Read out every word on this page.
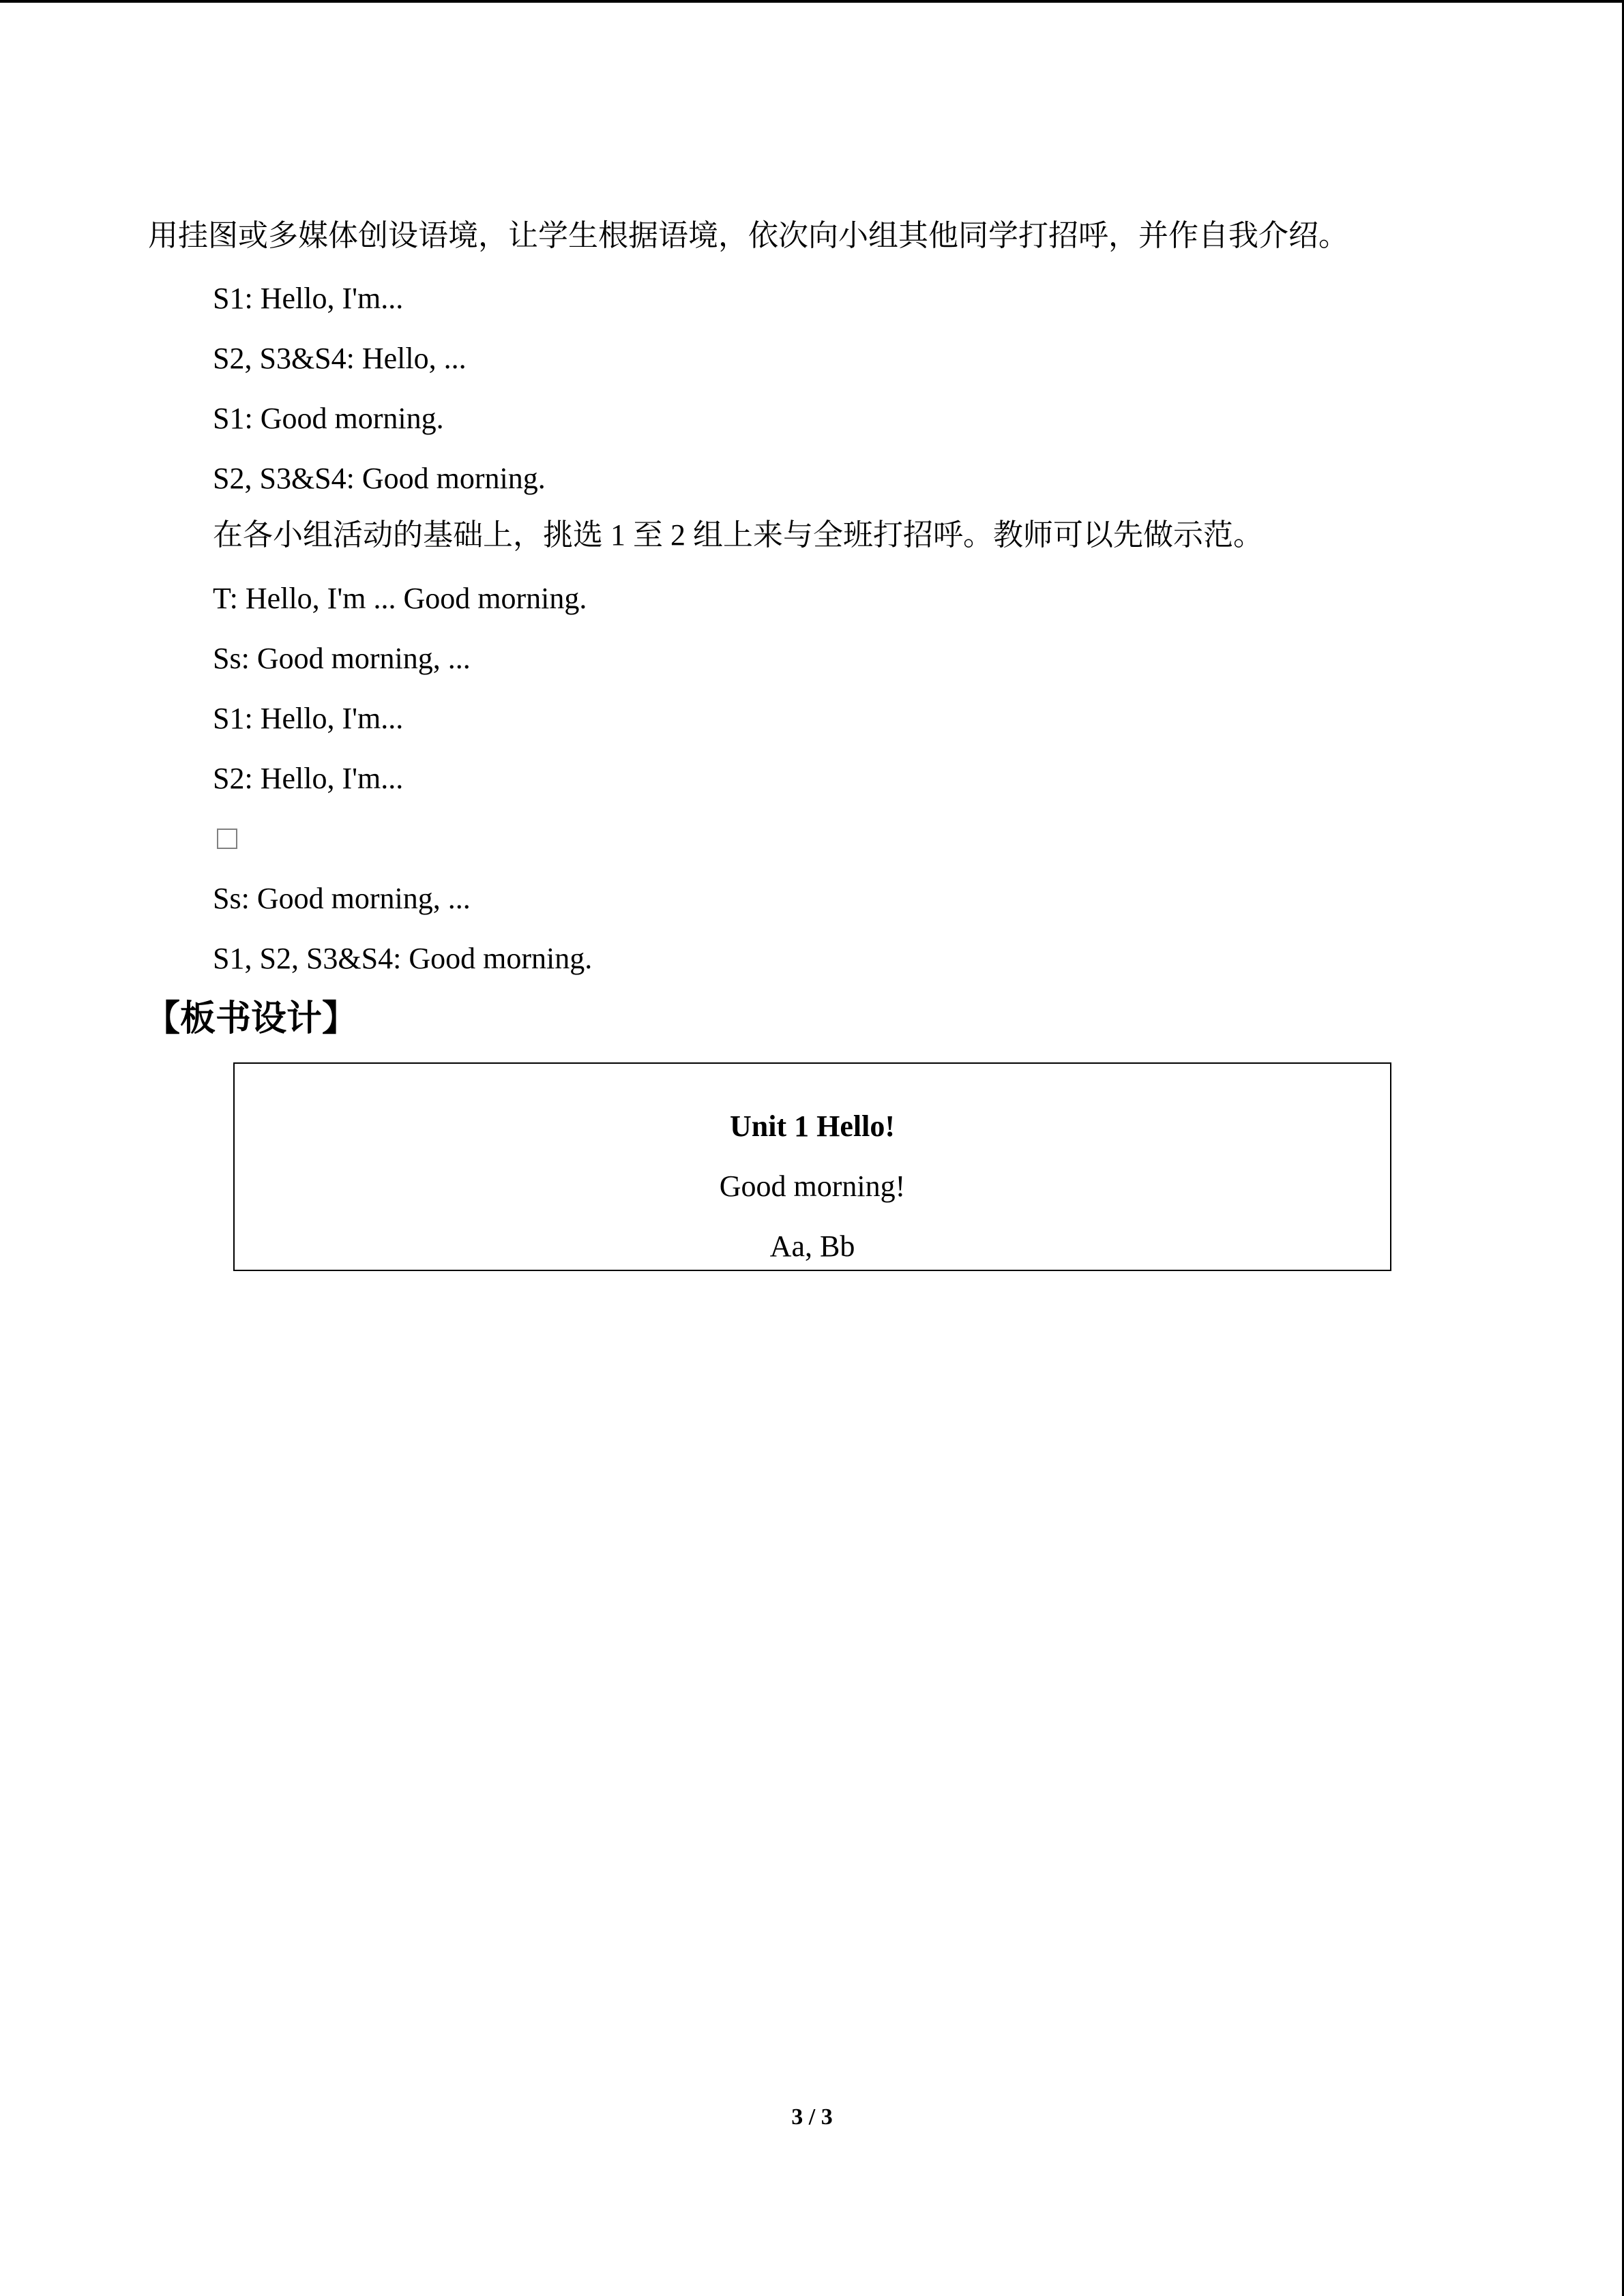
用挂图或多媒体创设语境，让学生根据语境，依次向小组其他同学打招呼，并作自我介绍。
S1: Hello, I'm...
S2, S3&S4: Hello, ...
S1: Good morning.
S2, S3&S4: Good morning.
在各小组活动的基础上，挑选 1 至 2 组上来与全班打招呼。教师可以先做示范。
T: Hello, I'm ... Good morning.
Ss: Good morning, ...
S1: Hello, I'm...
S2: Hello, I'm...
Ss: Good morning, ...
S1, S2, S3&S4: Good morning.
【板书设计】
Unit 1 Hello!
Good morning!
Aa, Bb
3 / 3
